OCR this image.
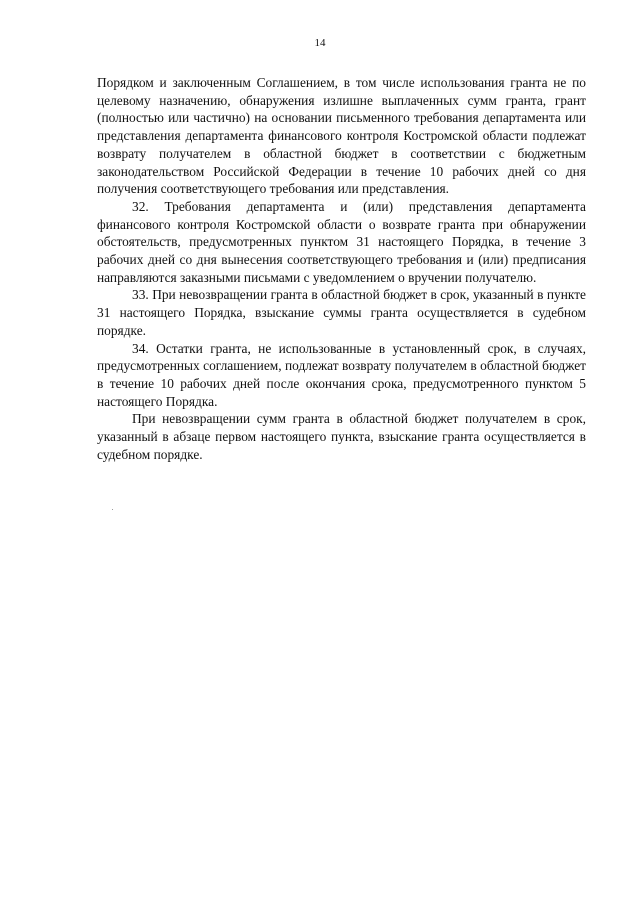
14

Порядком и заключенным Соглашением, в том числе использования гранта не по целевому назначению, обнаружения излишне выплаченных сумм гранта, грант (полностью или частично) на основании письменного требования департамента или представления департамента финансового контроля Костромской области подлежат возврату получателем в областной бюджет в соответствии с бюджетным законодательством Российской Федерации в течение 10 рабочих дней со дня получения соответствующего требования или представления.

32. Требования департамента и (или) представления департамента финансового контроля Костромской области о возврате гранта при обнаружении обстоятельств, предусмотренных пунктом 31 настоящего Порядка, в течение 3 рабочих дней со дня вынесения соответствующего требования и (или) предписания направляются заказными письмами с уведомлением о вручении получателю.

33. При невозвращении гранта в областной бюджет в срок, указанный в пункте 31 настоящего Порядка, взыскание суммы гранта осуществляется в судебном порядке.

34. Остатки гранта, не использованные в установленный срок, в случаях, предусмотренных соглашением, подлежат возврату получателем в областной бюджет в течение 10 рабочих дней после окончания срока, предусмотренного пунктом 5 настоящего Порядка.

При невозвращении сумм гранта в областной бюджет получателем в срок, указанный в абзаце первом настоящего пункта, взыскание гранта осуществляется в судебном порядке.
